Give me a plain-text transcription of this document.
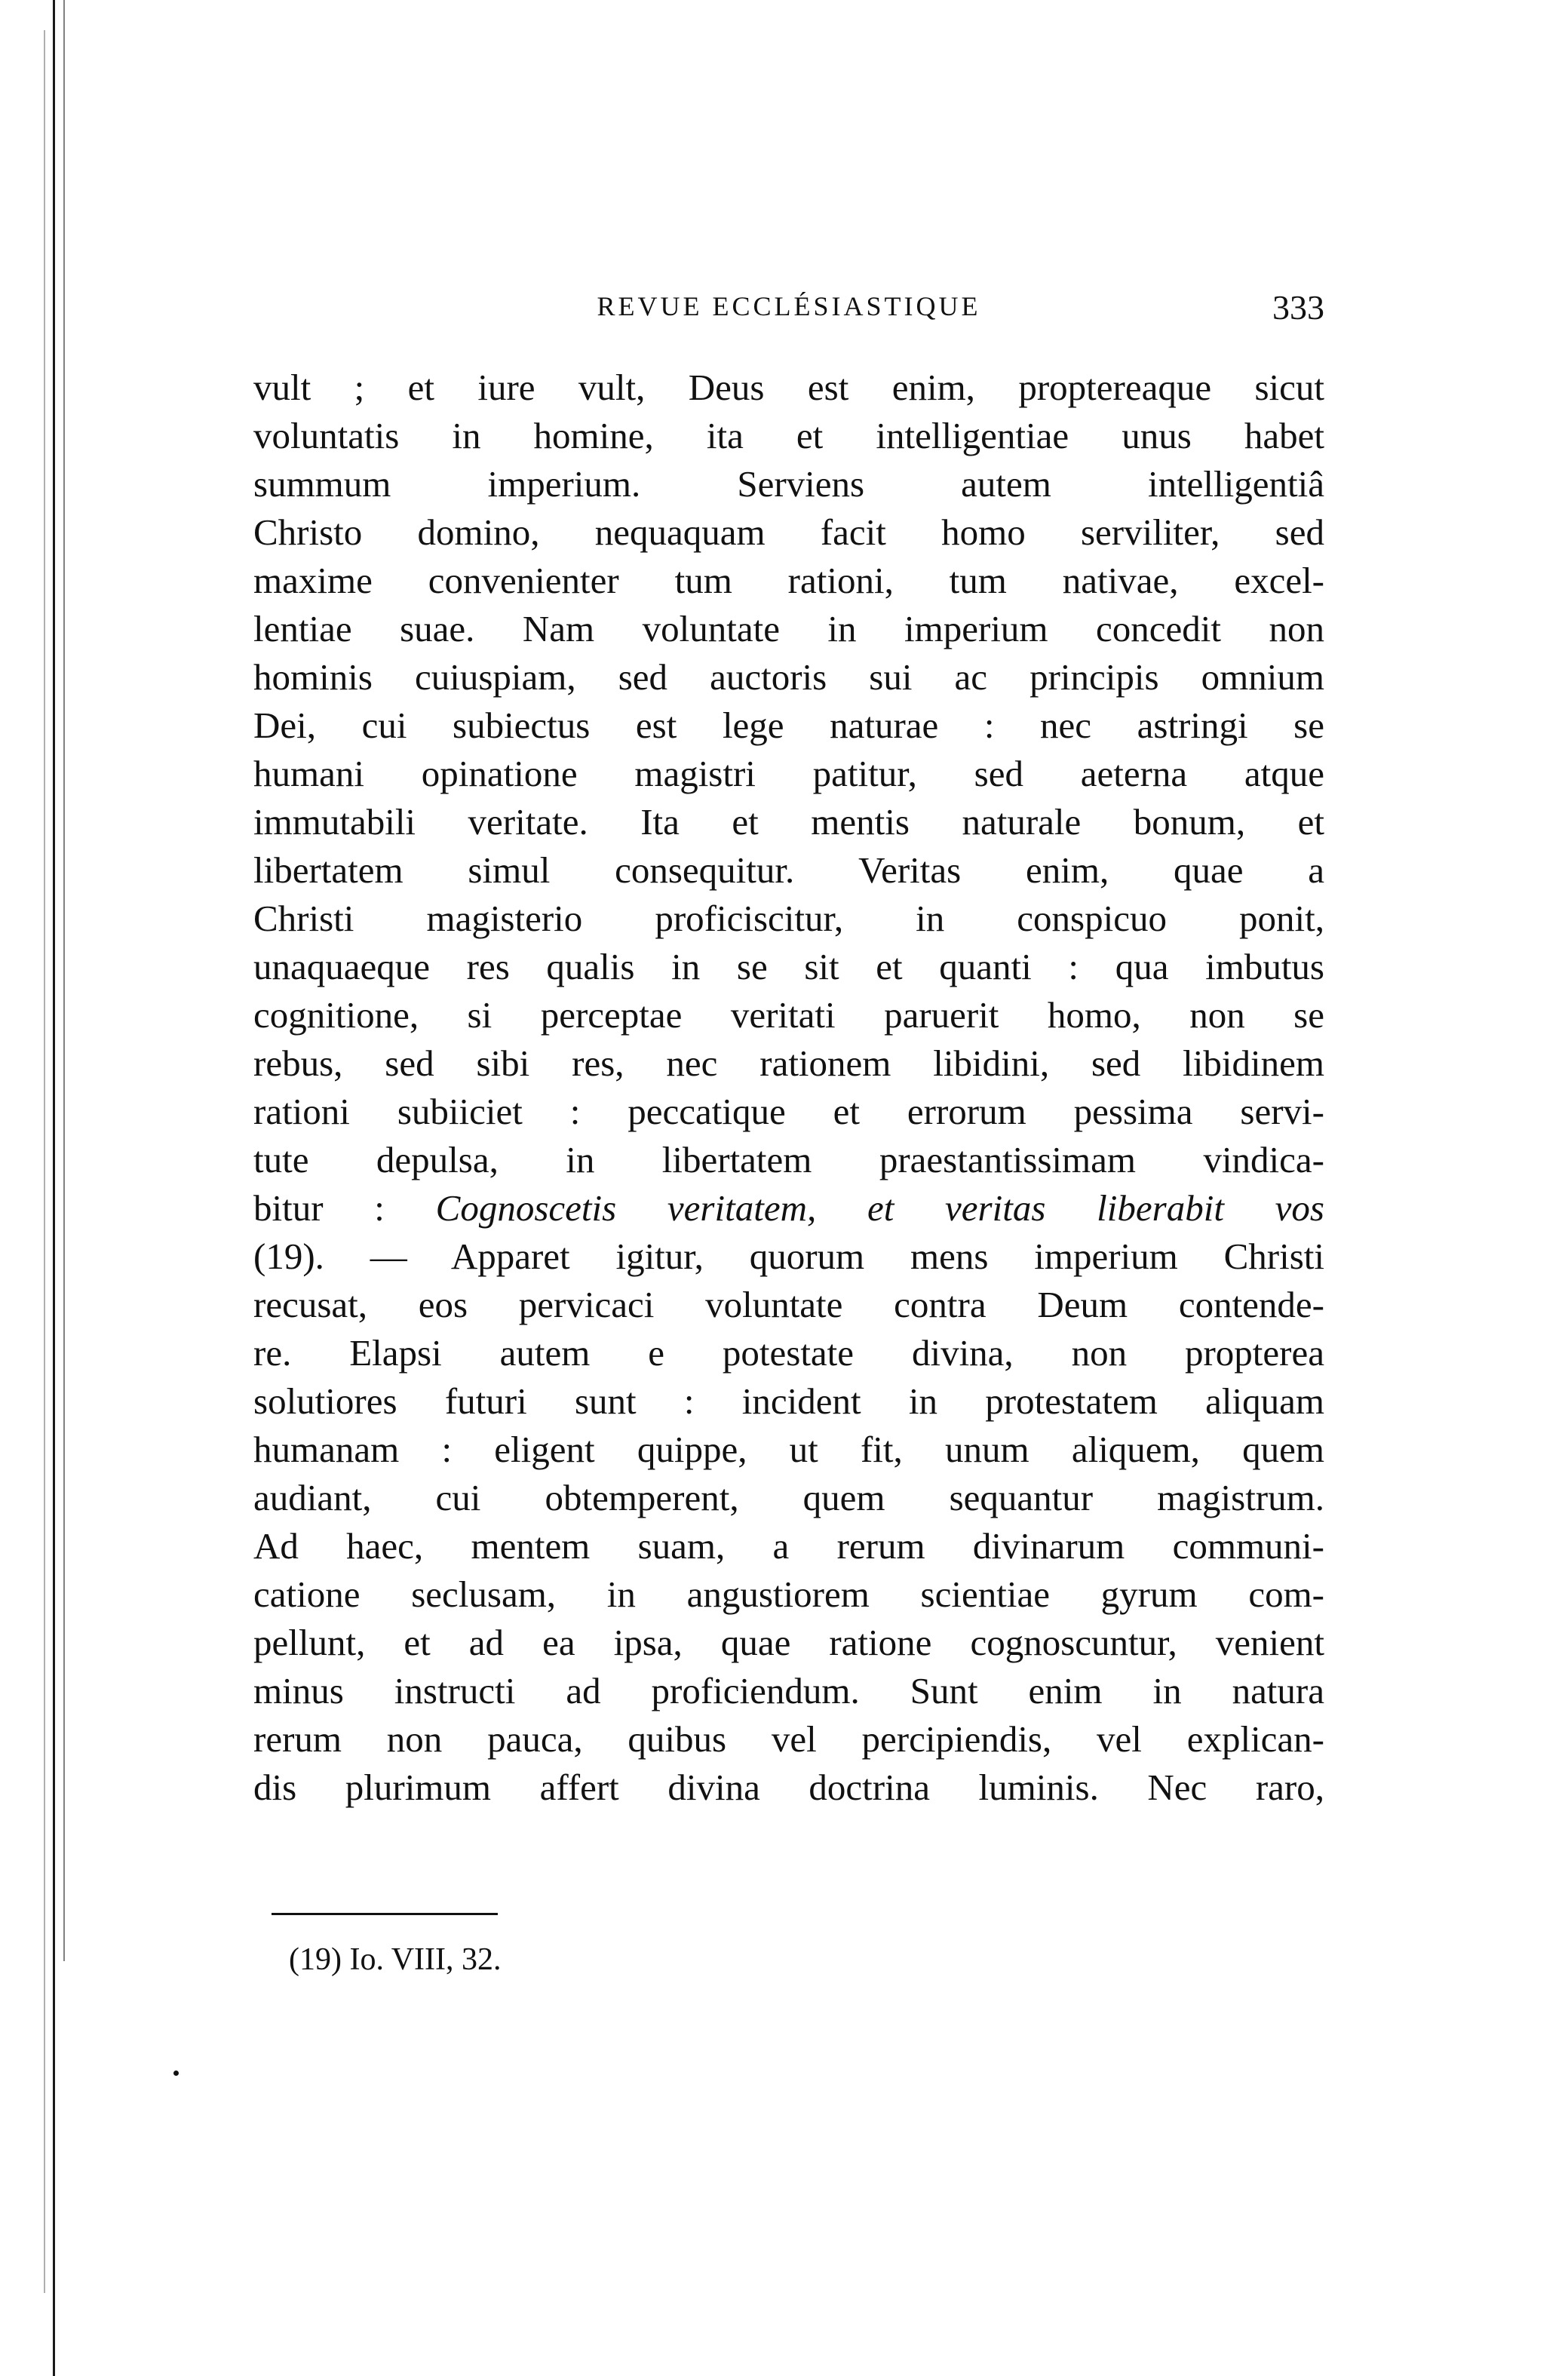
REVUE ECCLÉSIASTIQUE	333
vult ; et iure vult, Deus est enim, proptereaque sicut
voluntatis in homine, ita et intelligentiae unus habet
summum imperium. Serviens autem intelligentiâ
Christo domino, nequaquam facit homo serviliter, sed
maxime convenienter tum rationi, tum nativae, excel-
lentiae suae. Nam voluntate in imperium concedit non
hominis cuiuspiam, sed auctoris sui ac principis omnium
Dei, cui subiectus est lege naturae : nec astringi se
humani opinatione magistri patitur, sed aeterna atque
immutabili veritate. Ita et mentis naturale bonum, et
libertatem simul consequitur. Veritas enim, quae a
Christi magisterio proficiscitur, in conspicuo ponit,
unaquaeque res qualis in se sit et quanti : qua imbutus
cognitione, si perceptae veritati paruerit homo, non se
rebus, sed sibi res, nec rationem libidini, sed libidinem
rationi subiiciet : peccatique et errorum pessima servi-
tute depulsa, in libertatem praestantissimam vindica-
bitur : Cognoscetis veritatem, et veritas liberabit vos
(19). — Apparet igitur, quorum mens imperium Christi
recusat, eos pervicaci voluntate contra Deum contende-
re. Elapsi autem e potestate divina, non propterea
solutiores futuri sunt : incident in protestatem aliquam
humanam : eligent quippe, ut fit, unum aliquem, quem
audiant, cui obtemperent, quem sequantur magistrum.
Ad haec, mentem suam, a rerum divinarum communi-
catione seclusam, in angustiorem scientiae gyrum com-
pellunt, et ad ea ipsa, quae ratione cognoscuntur, venient
minus instructi ad proficiendum. Sunt enim in natura
rerum non pauca, quibus vel percipiendis, vel explican-
dis plurimum affert divina doctrina luminis. Nec raro,
(19) Io. VIII, 32.
